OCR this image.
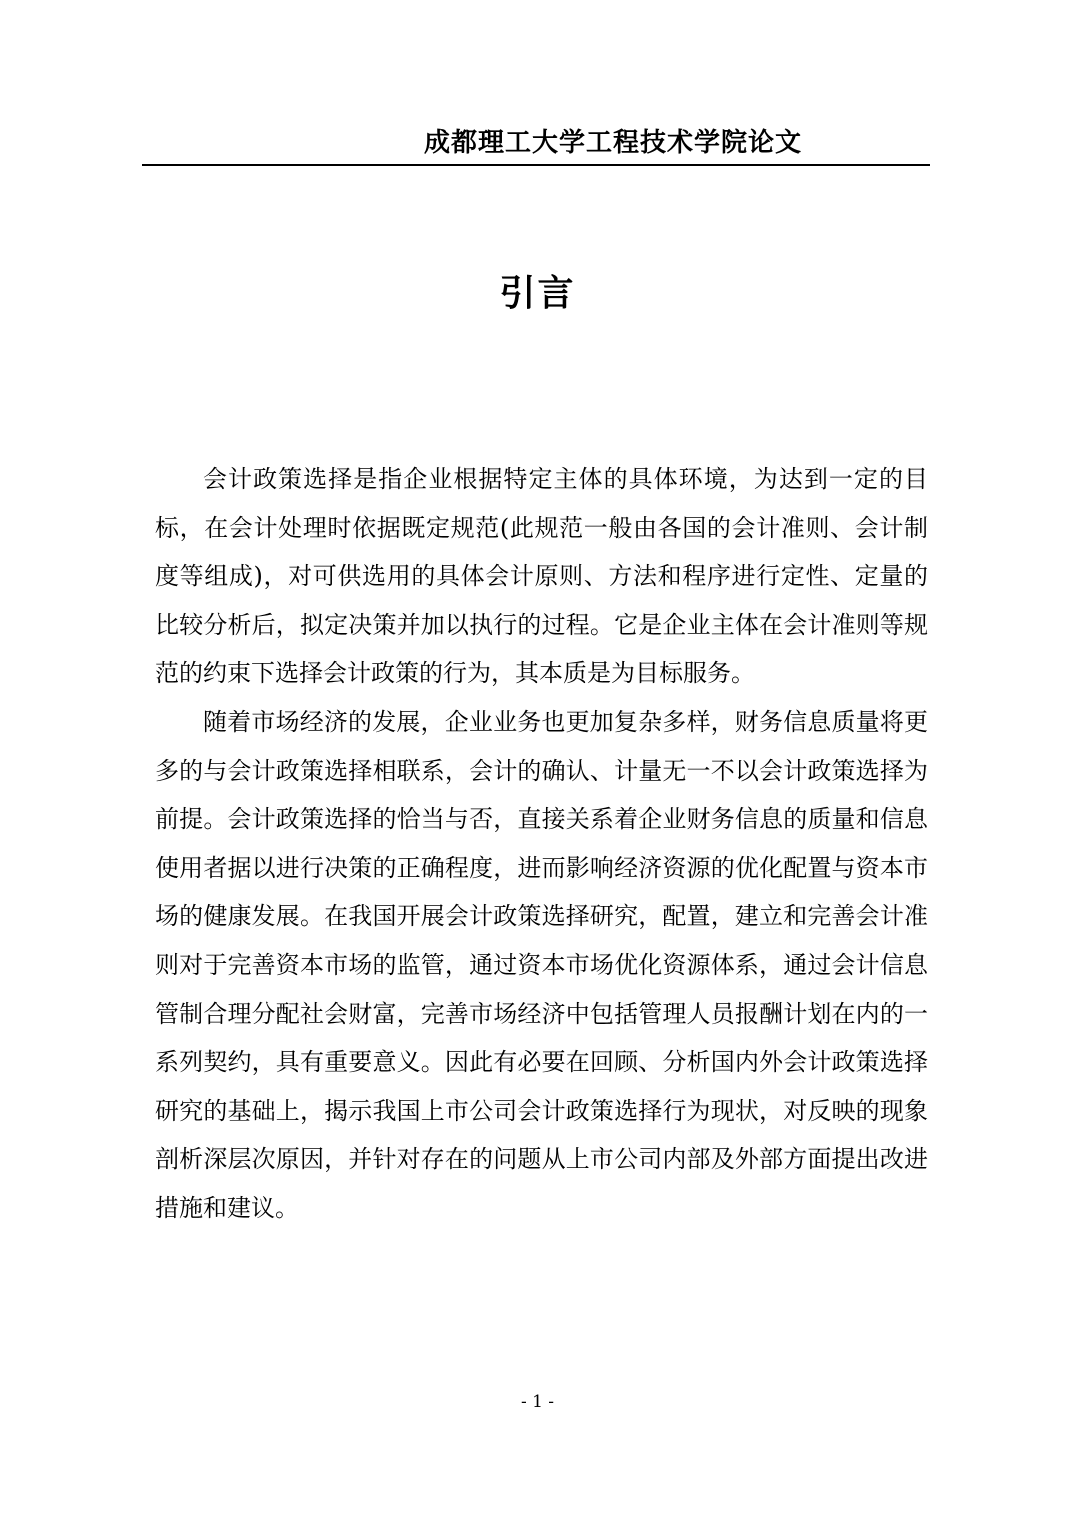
成都理工大学工程技术学院论文
引言

会计政策选择是指企业根据特定主体的具体环境，为达到一定的目标，在会计处理时依据既定规范(此规范一般由各国的会计准则、会计制度等组成)，对可供选用的具体会计原则、方法和程序进行定性、定量的比较分析后，拟定决策并加以执行的过程。它是企业主体在会计准则等规范的约束下选择会计政策的行为，其本质是为目标服务。

随着市场经济的发展，企业业务也更加复杂多样，财务信息质量将更多的与会计政策选择相联系，会计的确认、计量无一不以会计政策选择为前提。会计政策选择的恰当与否，直接关系着企业财务信息的质量和信息使用者据以进行决策的正确程度，进而影响经济资源的优化配置与资本市场的健康发展。在我国开展会计政策选择研究，配置，建立和完善会计准则对于完善资本市场的监管，通过资本市场优化资源体系，通过会计信息管制合理分配社会财富，完善市场经济中包括管理人员报酬计划在内的一系列契约，具有重要意义。因此有必要在回顾、分析国内外会计政策选择研究的基础上，揭示我国上市公司会计政策选择行为现状，对反映的现象剖析深层次原因，并针对存在的问题从上市公司内部及外部方面提出改进措施和建议。

- 1 -
